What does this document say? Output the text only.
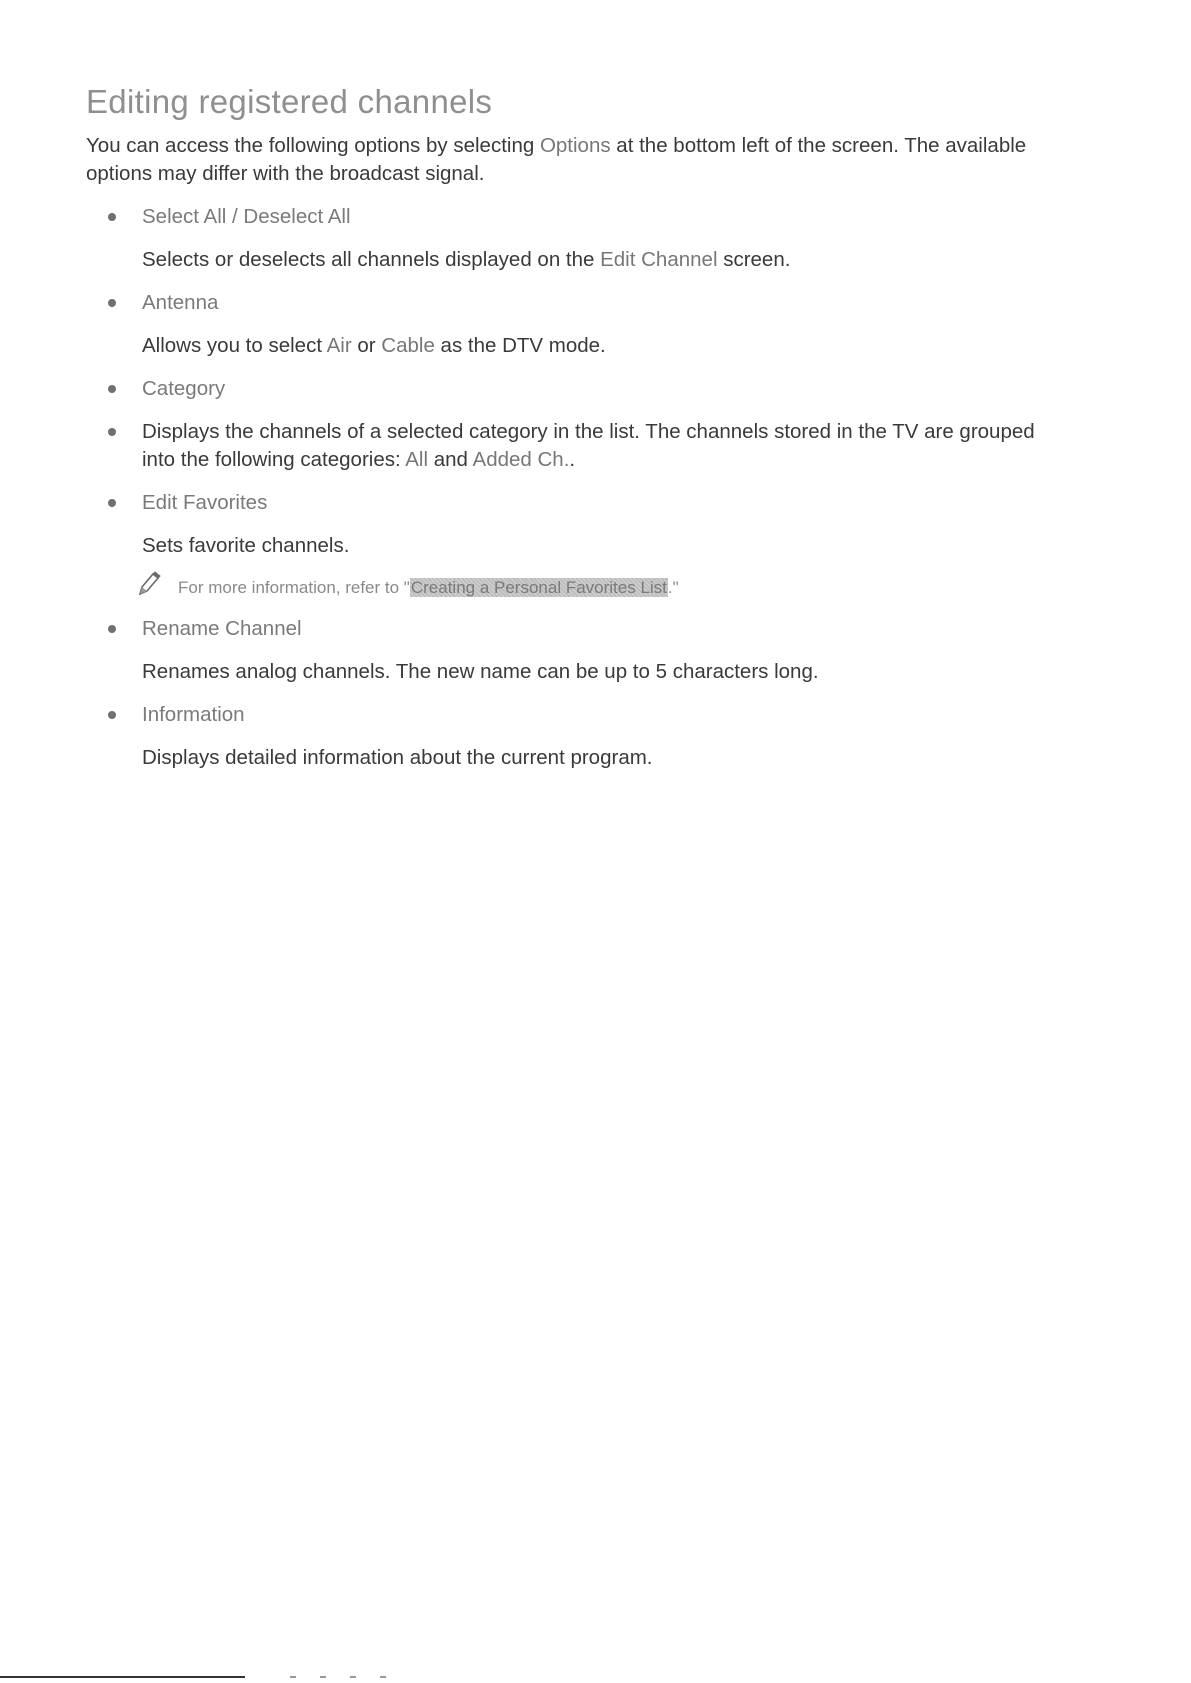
Editing registered channels

You can access the following options by selecting Options at the bottom left of the screen. The available options may differ with the broadcast signal.

Select All / Deselect All
Selects or deselects all channels displayed on the Edit Channel screen.
Antenna
Allows you to select Air or Cable as the DTV mode.
Category
Displays the channels of a selected category in the list. The channels stored in the TV are grouped into the following categories: All and Added Ch..
Edit Favorites
Sets favorite channels.
For more information, refer to "Creating a Personal Favorites List."
Rename Channel
Renames analog channels. The new name can be up to 5 characters long.
Information
Displays detailed information about the current program.
